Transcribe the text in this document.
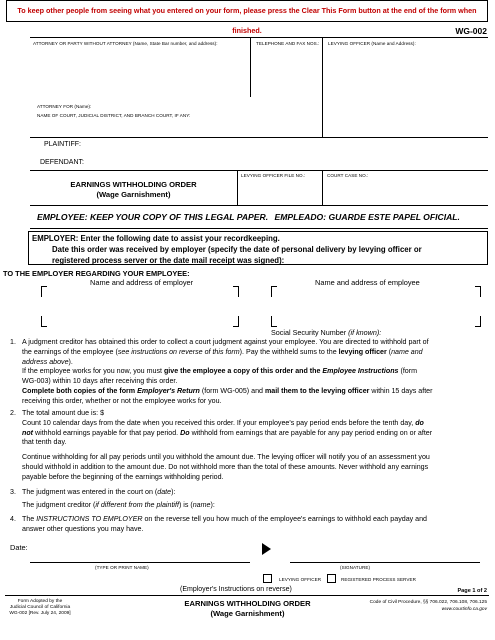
To keep other people from seeing what you entered on your form, please press the Clear This Form button at the end of the form when finished.	WG-002
ATTORNEY OR PARTY WITHOUT ATTORNEY (Name, State Bar number, and address):	TELEPHONE AND FAX NOS.: LEVYING OFFICER (Name and Address):
ATTORNEY FOR (Name):
NAME OF COURT, JUDICIAL DISTRICT, AND BRANCH COURT, IF ANY:
PLAINTIFF:
DEFENDANT:
EARNINGS WITHHOLDING ORDER
(Wage Garnishment)
LEVYING OFFICER FILE NO.:	COURT CASE NO.:
EMPLOYEE: KEEP YOUR COPY OF THIS LEGAL PAPER. EMPLEADO: GUARDE ESTE PAPEL OFICIAL.
EMPLOYER: Enter the following date to assist your recordkeeping.
Date this order was received by employer (specify the date of personal delivery by levying officer or
registered process server or the date mail receipt was signed):
TO THE EMPLOYER REGARDING YOUR EMPLOYEE:
Name and address of employer	Name and address of employee
Social Security Number (if known):
1. A judgment creditor has obtained this order to collect a court judgment against your employee. You are directed to withhold part of
the earnings of the employee (see instructions on reverse of this form). Pay the withheld sums to the levying officer (name and
address above).
If the employee works for you now, you must give the employee a copy of this order and the Employee Instructions (form
WG-003) within 10 days after receiving this order.
Complete both copies of the form Employer's Return (form WG-005) and mail them to the levying officer within 15 days after
receiving this order, whether or not the employee works for you.
2. The total amount due is: $
Count 10 calendar days from the date when you received this order. If your employee's pay period ends before the tenth day, do
not withhold earnings payable for that pay period. Do withhold from earnings that are payable for any pay period ending on or after
that tenth day.
Continue withholding for all pay periods until you withhold the amount due. The levying officer will notify you of an assessment you
should withhold in addition to the amount due. Do not withhold more than the total of these amounts. Never withhold any earnings
payable before the beginning of the earnings withholding period.
3. The judgment was entered in the court on (date):
The judgment creditor (if different from the plaintiff) is (name):
4. The INSTRUCTIONS TO EMPLOYER on the reverse tell you how much of the employee's earnings to withhold each payday and
answer other questions you may have.
Date:
(TYPE OR PRINT NAME)	(SIGNATURE)
LEVYING OFFICER	REGISTERED PROCESS SERVER
(Employer's Instructions on reverse)	Page 1 of 2
Form Adopted by the
Judicial Council of California
WG-002 [Rev. July 24, 2009]
EARNINGS WITHHOLDING ORDER
(Wage Garnishment)
Code of Civil Procedure, §§ 706.022, 706.108, 706.125
www.courtinfo.ca.gov
